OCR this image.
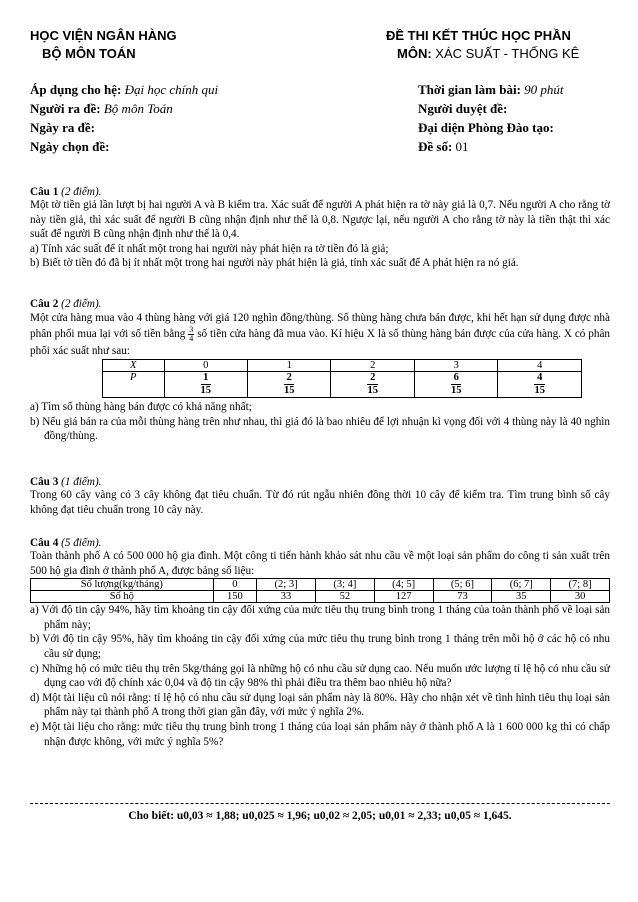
HỌC VIỆN NGÂN HÀNG
BỘ MÔN TOÁN
ĐỀ THI KẾT THÚC HỌC PHẦN
MÔN: XÁC SUẤT - THỐNG KÊ
Áp dụng cho hệ: Đại học chính qui	Thời gian làm bài: 90 phút
Người ra đề: Bộ môn Toán	Người duyệt đề:
Ngày ra đề:	Đại diện Phòng Đào tạo:
Ngày chọn đề:	Đề số: 01
Câu 1 (2 điểm).
Một tờ tiền giả lần lượt bị hai người A và B kiểm tra. Xác suất để người A phát hiện ra tờ này giả là 0,7. Nếu người A cho rằng tờ này tiền giả, thì xác suất để người B cũng nhận định như thế là 0,8. Ngược lại, nếu người A cho rằng tờ này là tiền thật thì xác suất để người B cũng nhận định như thế là 0,4.
a) Tính xác suất để ít nhất một trong hai người này phát hiện ra tờ tiền đó là giả;
b) Biết tờ tiền đó đã bị ít nhất một trong hai người này phát hiện là giả, tính xác suất để A phát hiện ra nó giả.
Câu 2 (2 điểm).
Một cửa hàng mua vào 4 thùng hàng với giá 120 nghìn đồng/thùng. Số thùng hàng chưa bán được, khi hết hạn sử dụng được nhà phân phối mua lại với số tiền bằng $\frac{3}{4}$ số tiền cửa hàng đã mua vào. Kí hiệu X là số thùng hàng bán được của cửa hàng. X có phân phối xác suất như sau:
X	0	1	2	3	4
P	$\frac{1}{15}$	$\frac{2}{15}$	$\frac{2}{15}$	$\frac{6}{15}$	$\frac{4}{15}$
a) Tìm số thùng hàng bán được có khả năng nhất;
b) Nếu giá bán ra của mỗi thùng hàng trên như nhau, thì giá đó là bao nhiêu để lợi nhuận kì vọng đối với 4 thùng này là 40 nghìn đồng/thùng.
Câu 3 (1 điểm).
Trong 60 cây vàng có 3 cây không đạt tiêu chuẩn. Từ đó rút ngẫu nhiên đồng thời 10 cây để kiểm tra. Tìm trung bình số cây không đạt tiêu chuẩn trong 10 cây này.
Câu 4 (5 điểm).
Toàn thành phố A có 500 000 hộ gia đình. Một công ti tiến hành khảo sát nhu cầu về một loại sản phẩm do công ti sản xuất trên 500 hộ gia đình ở thành phố A, được bảng số liệu:
Số lượng(kg/tháng)	0	(2; 3]	(3; 4]	(4; 5]	(5; 6]	(6; 7]	(7; 8]
Số hộ	150	33	52	127	73	35	30
a) Với độ tin cậy 94%, hãy tìm khoảng tin cậy đối xứng của mức tiêu thụ trung bình trong 1 tháng của toàn thành phố về loại sản phẩm này;
b) Với độ tin cậy 95%, hãy tìm khoảng tin cậy đối xứng của mức tiêu thụ trung bình trong 1 tháng trên mỗi hộ ở các hộ có nhu cầu sử dụng;
c) Những hộ có mức tiêu thụ trên 5kg/tháng gọi là những hộ có nhu cầu sử dụng cao. Nếu muốn ước lượng tỉ lệ hộ có nhu cầu sử dụng cao với độ chính xác 0,04 và độ tin cậy 98% thì phải điều tra thêm bao nhiêu hộ nữa?
d) Một tài liệu cũ nói rằng: tỉ lệ hộ có nhu cầu sử dụng loại sản phẩm này là 80%. Hãy cho nhận xét về tình hình tiêu thụ loại sản phẩm này tại thành phố A trong thời gian gần đây, với mức ý nghĩa 2%.
e) Một tài liệu cho rằng: mức tiêu thụ trung bình trong 1 tháng của loại sản phẩm này ở thành phố A là 1 600 000 kg thì có chấp nhận được không, với mức ý nghĩa 5%?
Cho biết: u0,03 ≈ 1,88; u0,025 ≈ 1,96; u0,02 ≈ 2,05; u0,01 ≈ 2,33; u0,05 ≈ 1,645.
